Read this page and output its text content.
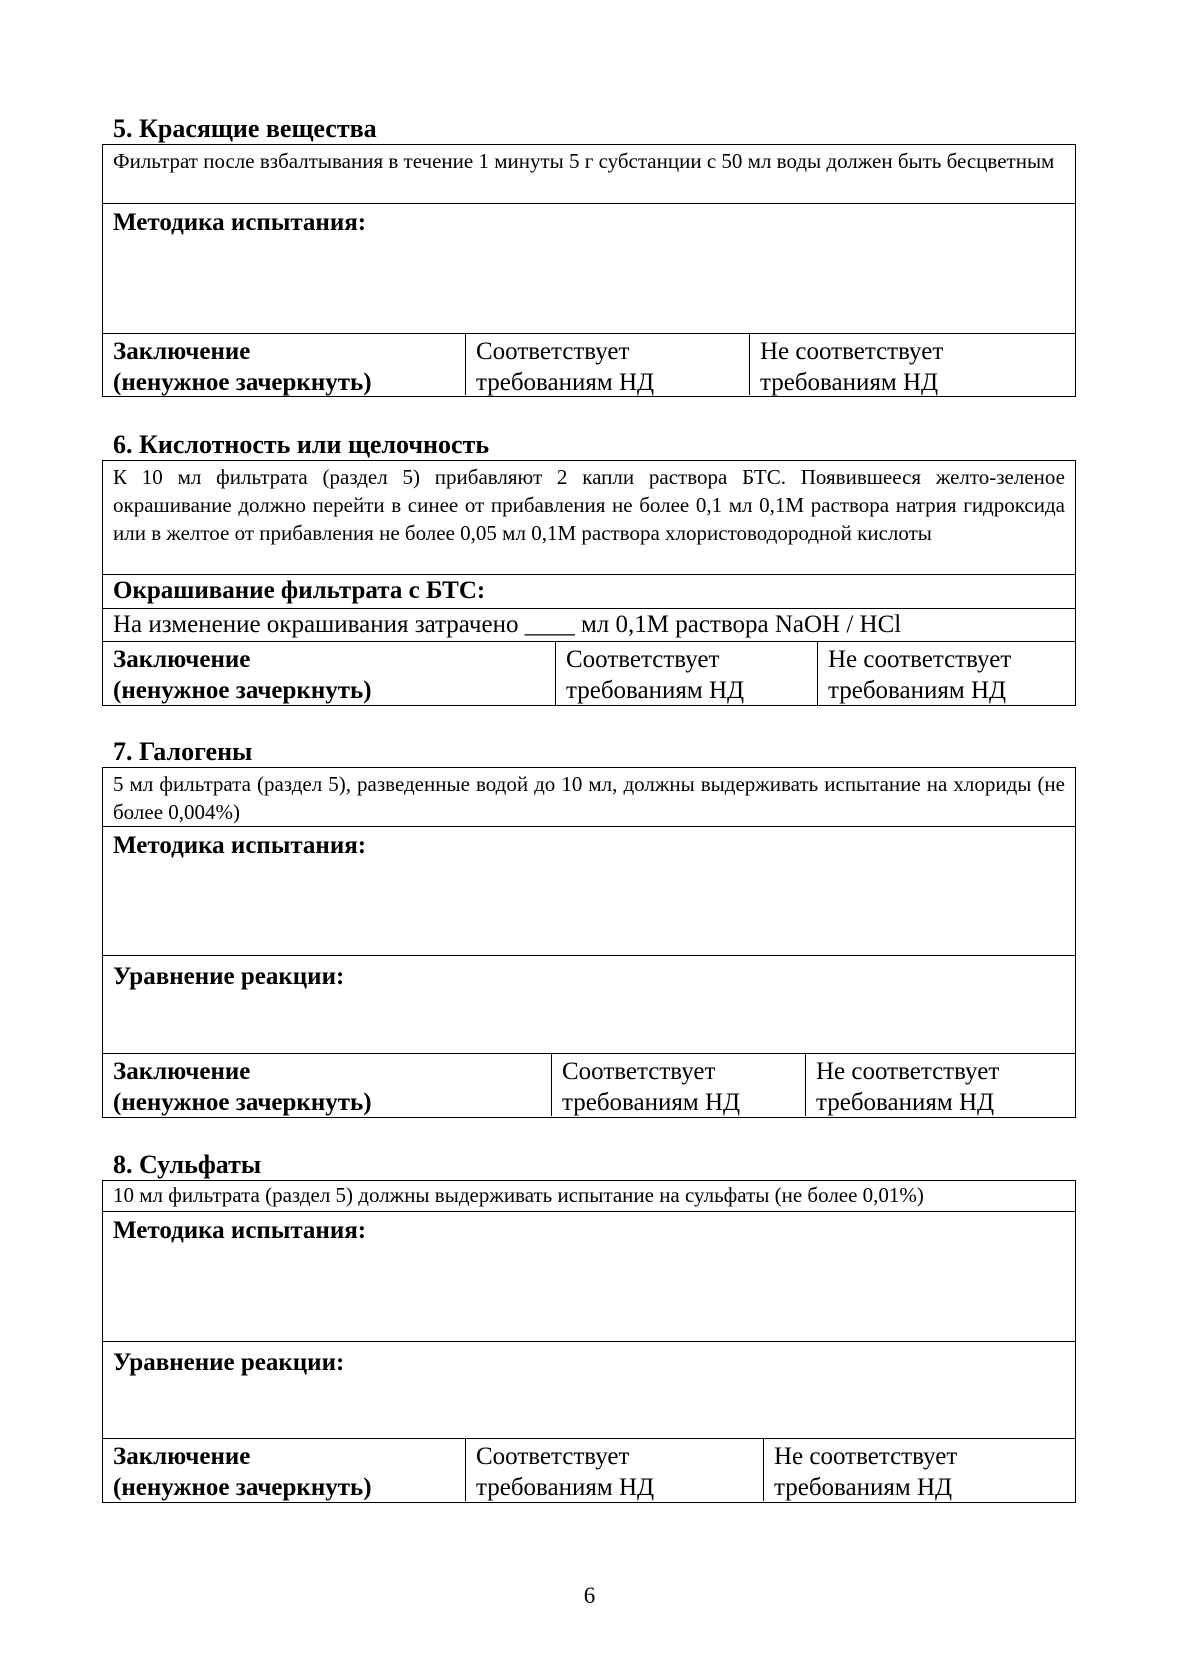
5. Красящие вещества
Фильтрат после взбалтывания в течение 1 минуты 5 г субстанции с 50 мл воды должен быть бесцветным
Методика испытания:
Заключение
(ненужное зачеркнуть)
Соответствует
требованиям НД
Не соответствует
требованиям НД
6. Кислотность или щелочность
К 10 мл фильтрата (раздел 5) прибавляют 2 капли раствора БТС. Появившееся желто-зеленое окрашивание должно перейти в синее от прибавления не более 0,1 мл 0,1М раствора натрия гидроксида или в желтое от прибавления не более 0,05 мл 0,1М раствора хлористоводородной кислоты
Окрашивание фильтрата с БТС:
На изменение окрашивания затрачено ____ мл 0,1М раствора NaOH / HCl
Заключение
(ненужное зачеркнуть)
Соответствует
требованиям НД
Не соответствует
требованиям НД
7. Галогены
5 мл фильтрата (раздел 5), разведенные водой до 10 мл, должны выдерживать испытание на хлориды (не более 0,004%)
Методика испытания:
Уравнение реакции:
Заключение
(ненужное зачеркнуть)
Соответствует
требованиям НД
Не соответствует
требованиям НД
8. Сульфаты
10 мл фильтрата (раздел 5) должны выдерживать испытание на сульфаты (не более 0,01%)
Методика испытания:
Уравнение реакции:
Заключение
(ненужное зачеркнуть)
Соответствует
требованиям НД
Не соответствует
требованиям НД
6
